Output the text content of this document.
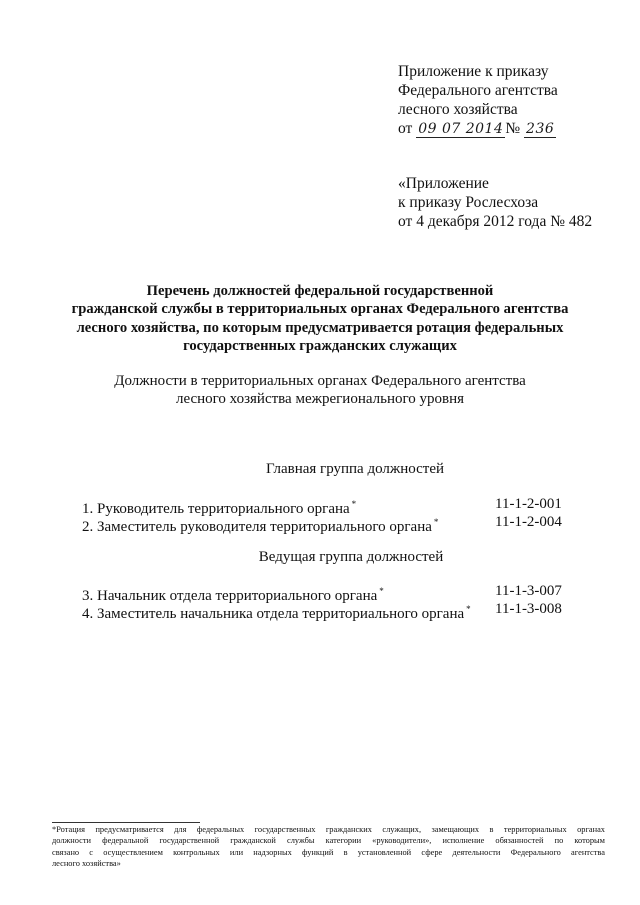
Приложение к приказу
Федерального агентства
лесного хозяйства
от 09 07 2014 № 236
«Приложение
к приказу Рослесхоза
от 4 декабря 2012 года № 482
Перечень должностей федеральной государственной
гражданской службы в территориальных органах Федерального агентства
лесного хозяйства, по которым предусматривается ротация федеральных
государственных гражданских служащих
Должности в территориальных органах Федерального агентства
лесного хозяйства межрегионального уровня
Главная группа должностей
1. Руководитель территориального органа *	11-1-2-001
2. Заместитель руководителя территориального органа *	11-1-2-004
Ведущая группа должностей
3. Начальник отдела территориального органа *	11-1-3-007
4. Заместитель начальника отдела территориального органа * 11-1-3-008
*Ротация предусматривается для федеральных государственных гражданских служащих, замещающих в территориальных органах
должности федеральной государственной гражданской службы категории «руководители», исполнение обязанностей по которым
связано с осуществлением контрольных или надзорных функций в установленной сфере деятельности Федерального агентства
лесного хозяйства»
